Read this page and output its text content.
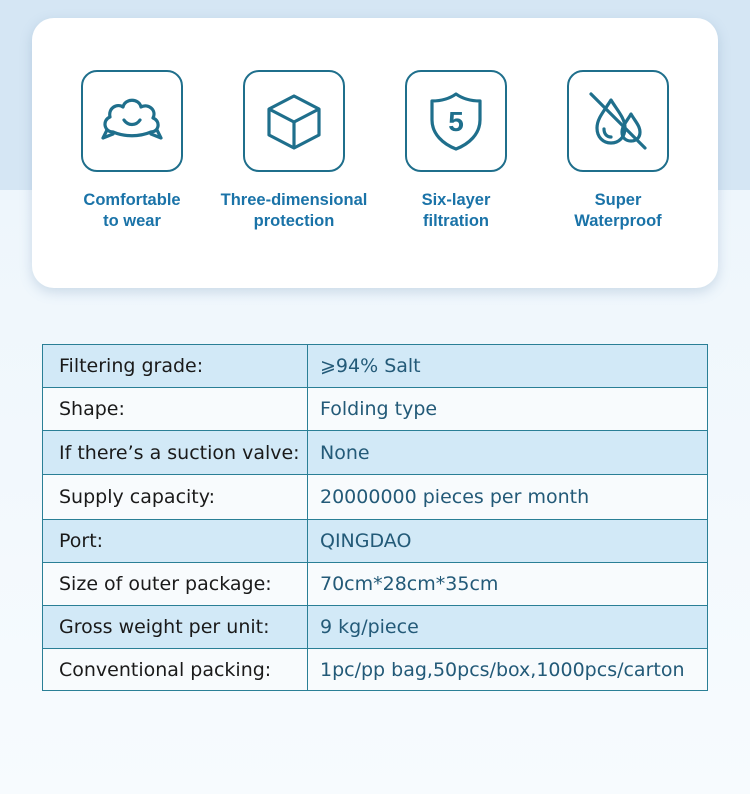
Comfortable
to wear
Three-dimensional
protection
5
Six-layer
filtration
Super
Waterproof
Filtering grade:	⩾94% Salt
Shape:	Folding type
If there’s a suction valve:	None
Supply capacity:	20000000 pieces per month
Port:	QINGDAO
Size of outer package:	70cm*28cm*35cm
Gross weight per unit:	9 kg/piece
Conventional packing:	1pc/pp bag,50pcs/box,1000pcs/carton
